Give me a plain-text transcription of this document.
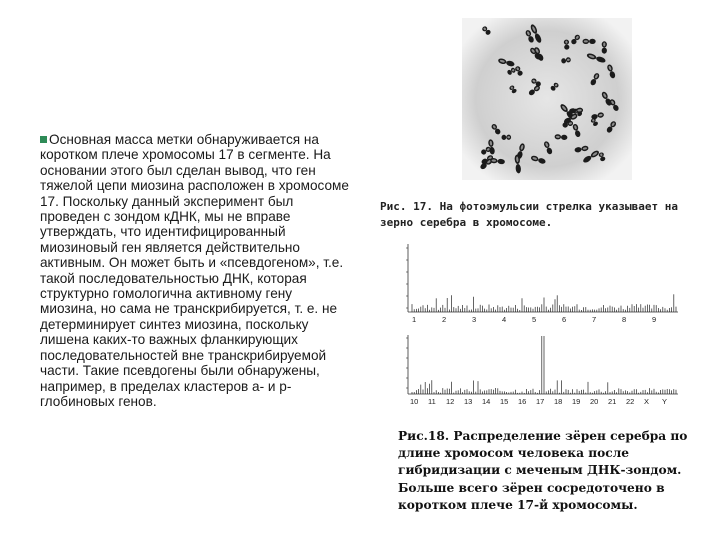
Основная масса метки обнаруживается на коротком плече хромосомы 17 в сегменте. На основании этого был сделан вывод, что ген тяжелой цепи миозина расположен в хромосоме 17. Поскольку данный эксперимент был проведен с зондом кДНК, мы не вправе утверждать, что идентифицированный миозиновый ген является действительно активным. Он может быть и «псевдогеном», т.е. такой последовательностью ДНК, которая структурно гомологична активному гену миозина, но сама не транскрибируется, т. е. не детерминирует синтез миозина, поскольку лишена каких-то важных фланкирующих последовательностей вне транскрибируемой части. Такие псевдогены были обнаружены, например, в пределах кластеров a- и p-глобиновых генов.

Рис. 17. На фотоэмульсии стрелка указывает на зерно серебра в хромосоме.

1	2	3	4	5	6	7	8	9
10 11 12 13 14 15 16 17 18 19 20 21 22 X Y

Рис.18. Распределение зёрен серебра по длине хромосом человека после гибридизации с меченым ДНК-зондом. Больше всего зёрен сосредоточено в коротком плече 17-й хромосомы.
